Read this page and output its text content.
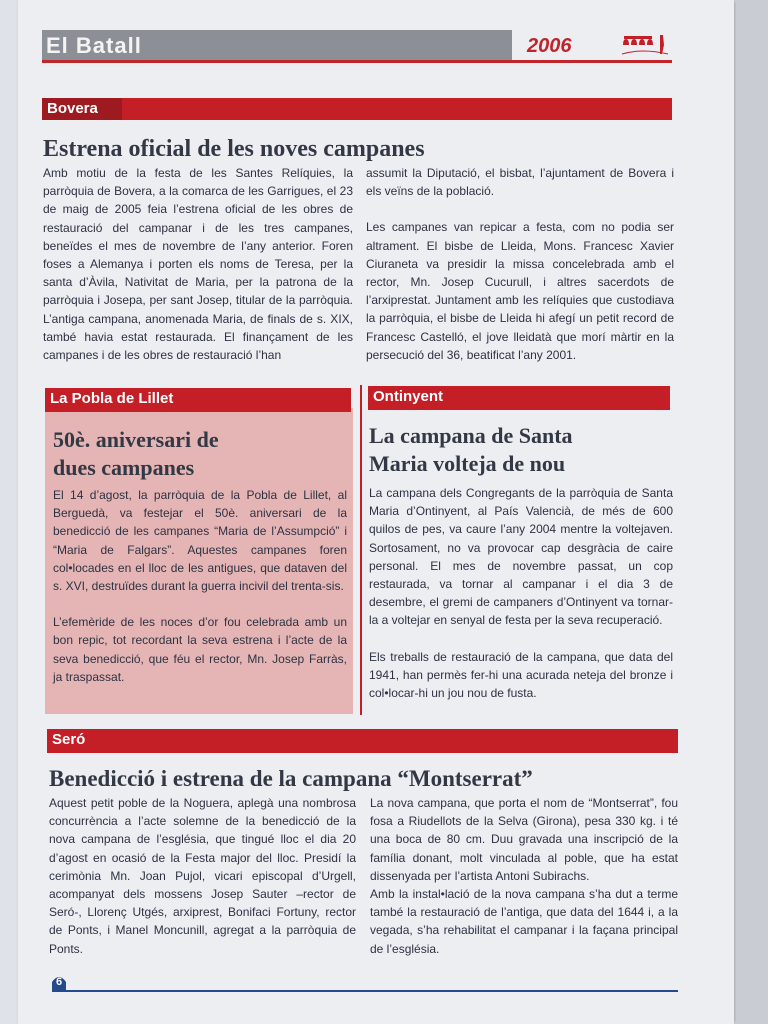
El Batall	2006
Bovera
Estrena oficial de les noves campanes

Amb motiu de la festa de les Santes Relíquies, la parròquia de Bovera, a la comarca de les Garrigues, el 23 de maig de 2005 feia l’estrena oficial de les obres de restauració del campanar i de les tres campanes, beneïdes el mes de novembre de l’any anterior. Foren foses a Alemanya i porten els noms de Teresa, per la santa d’Àvila, Nativitat de Maria, per la patrona de la parròquia i Josepa, per sant Josep, titular de la parròquia. L’antiga campana, anomenada Maria, de finals de s. XIX, també havia estat restaurada. El finançament de les campanes i de les obres de restauració l’han

assumit la Diputació, el bisbat, l’ajuntament de Bovera i els veïns de la població.

Les campanes van repicar a festa, com no podia ser altrament. El bisbe de Lleida, Mons. Francesc Xavier Ciuraneta va presidir la missa concelebrada amb el rector, Mn. Josep Cucurull, i altres sacerdots de l’arxiprestat. Juntament amb les relíquies que custodiava la parròquia, el bisbe de Lleida hi afegí un petit record de Francesc Castelló, el jove lleidatà que morí màrtir en la persecució del 36, beatificat l’any 2001.

La Pobla de Lillet
50è. aniversari de
dues campanes

El 14 d’agost, la parròquia de la Pobla de Lillet, al Berguedà, va festejar el 50è. aniversari de la benedicció de les campanes “Maria de l’Assumpció” i “Maria de Falgars”. Aquestes campanes foren col•locades en el lloc de les antigues, que dataven del s. XVI, destruïdes durant la guerra incivil del trenta-sis.

L’efemèride de les noces d’or fou celebrada amb un bon repic, tot recordant la seva estrena i l’acte de la seva benedicció, que féu el rector, Mn. Josep Farràs, ja traspassat.

Ontinyent
La campana de Santa
Maria volteja de nou

La campana dels Congregants de la parròquia de Santa Maria d’Ontinyent, al País Valencià, de més de 600 quilos de pes, va caure l’any 2004 mentre la voltejaven. Sortosament, no va provocar cap desgràcia de caire personal. El mes de novembre passat, un cop restaurada, va tornar al campanar i el dia 3 de desembre, el gremi de campaners d’Ontinyent va tornar-la a voltejar en senyal de festa per la seva recuperació.

Els treballs de restauració de la campana, que data del 1941, han permès fer-hi una acurada neteja del bronze i col•locar-hi un jou nou de fusta.

Seró
Benedicció i estrena de la campana “Montserrat”

Aquest petit poble de la Noguera, aplegà una nombrosa concurrència a l’acte solemne de la benedicció de la nova campana de l’església, que tingué lloc el dia 20 d’agost en ocasió de la Festa major del lloc. Presidí la cerimònia Mn. Joan Pujol, vicari episcopal d’Urgell, acompanyat dels mossens Josep Sauter –rector de Seró-, Llorenç Utgés, arxiprest, Bonifaci Fortuny, rector de Ponts, i Manel Moncunill, agregat a la parròquia de Ponts.

La nova campana, que porta el nom de “Montserrat”, fou fosa a Riudellots de la Selva (Girona), pesa 330 kg. i té una boca de 80 cm. Duu gravada una inscripció de la família donant, molt vinculada al poble, que ha estat dissenyada per l’artista Antoni Subirachs.

Amb la instal•lació de la nova campana s’ha dut a terme també la restauració de l’antiga, que data del 1644 i, a la vegada, s’ha rehabilitat el campanar i la façana principal de l’església.

6
